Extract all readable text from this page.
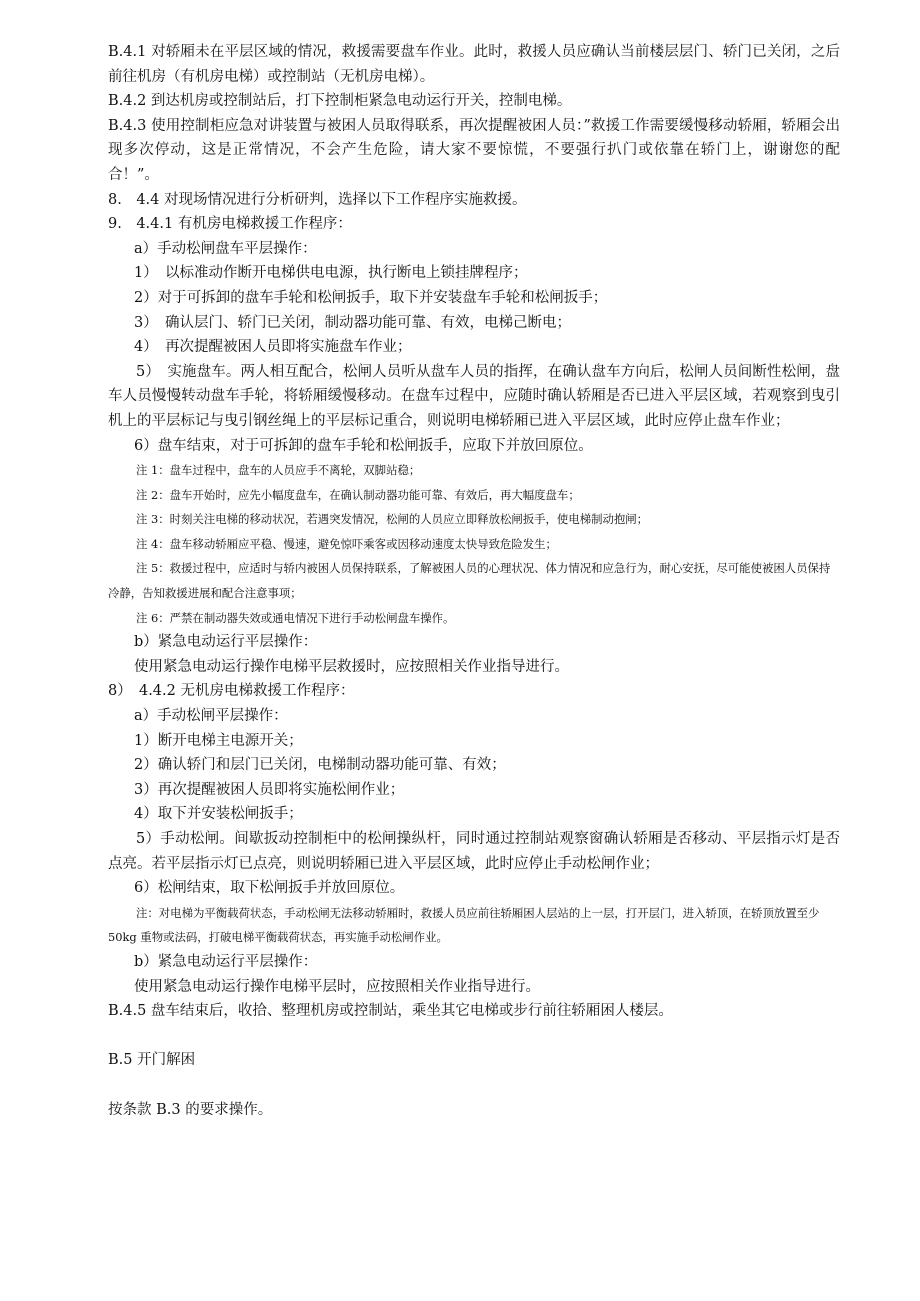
B.4.1 对轿厢未在平层区域的情况，救援需要盘车作业。此时，救援人员应确认当前楼层层门、轿门已关闭，之后前往机房（有机房电梯）或控制站（无机房电梯）。

B.4.2 到达机房或控制站后，打下控制柜紧急电动运行开关，控制电梯。

B.4.3 使用控制柜应急对讲装置与被困人员取得联系，再次提醒被困人员：”救援工作需要缓慢移动轿厢，轿厢会出现多次停动，这是正常情况，不会产生危险，请大家不要惊慌，不要强行扒门或依靠在轿门上，谢谢您的配合！”。

8.　4.4 对现场情况进行分析研判，选择以下工作程序实施救援。

9.　4.4.1 有机房电梯救援工作程序：

a）手动松闸盘车平层操作：

1）　以标准动作断开电梯供电电源，执行断电上锁挂牌程序；

2）对于可拆卸的盘车手轮和松闸扳手，取下并安装盘车手轮和松闸扳手；

3）　确认层门、轿门已关闭，制动器功能可靠、有效，电梯己断电；

4）　再次提醒被困人员即将实施盘车作业；

5）　实施盘车。两人相互配合，松闸人员听从盘车人员的指挥，在确认盘车方向后，松闸人员间断性松闸，盘车人员慢慢转动盘车手轮，将轿厢缓慢移动。在盘车过程中，应随时确认轿厢是否已进入平层区域，若观察到曳引机上的平层标记与曳引钢丝绳上的平层标记重合，则说明电梯轿厢已进入平层区域，此时应停止盘车作业；

6）盘车结束，对于可拆卸的盘车手轮和松闸扳手，应取下并放回原位。

注 1：盘车过程中，盘车的人员应手不离轮，双脚站稳；

注 2：盘车开始时，应先小幅度盘车，在确认制动器功能可靠、有效后，再大幅度盘车；

注 3：时刻关注电梯的移动状况，若遇突发情况，松闸的人员应立即释放松闸扳手，使电梯制动抱闸；

注 4：盘车移动轿厢应平稳、慢速，避免惊吓乘客或因移动速度太快导致危险发生；

注 5：救援过程中，应适时与轿内被困人员保持联系，了解被困人员的心理状况、体力情况和应急行为，耐心安抚，尽可能使被困人员保持冷静，告知救援进展和配合注意事项；

注 6：严禁在制动器失效或通电情况下进行手动松闸盘车操作。

b）紧急电动运行平层操作：

使用紧急电动运行操作电梯平层救援时，应按照相关作业指导进行。

8）　4.4.2 无机房电梯救援工作程序：

a）手动松闸平层操作：

1）断开电梯主电源开关；

2）确认轿门和层门已关闭，电梯制动器功能可靠、有效；

3）再次提醒被困人员即将实施松闸作业；

4）取下并安装松闸扳手；

5）手动松闸。间歇扳动控制柜中的松闸操纵杆，同时通过控制站观察窗确认轿厢是否移动、平层指示灯是否点亮。若平层指示灯已点亮，则说明轿厢已进入平层区域，此时应停止手动松闸作业；

6）松闸结束，取下松闸扳手并放回原位。

注：对电梯为平衡载荷状态，手动松闸无法移动轿厢时，救援人员应前往轿厢困人层站的上一层，打开层门，进入轿顶，在轿顶放置至少 50kg 重物或法码，打破电梯平衡载荷状态，再实施手动松闸作业。

b）紧急电动运行平层操作：

使用紧急电动运行操作电梯平层时，应按照相关作业指导进行。

B.4.5 盘车结束后，收拾、整理机房或控制站，乘坐其它电梯或步行前往轿厢困人楼层。

B.5 开门解困

按条款 B.3 的要求操作。
